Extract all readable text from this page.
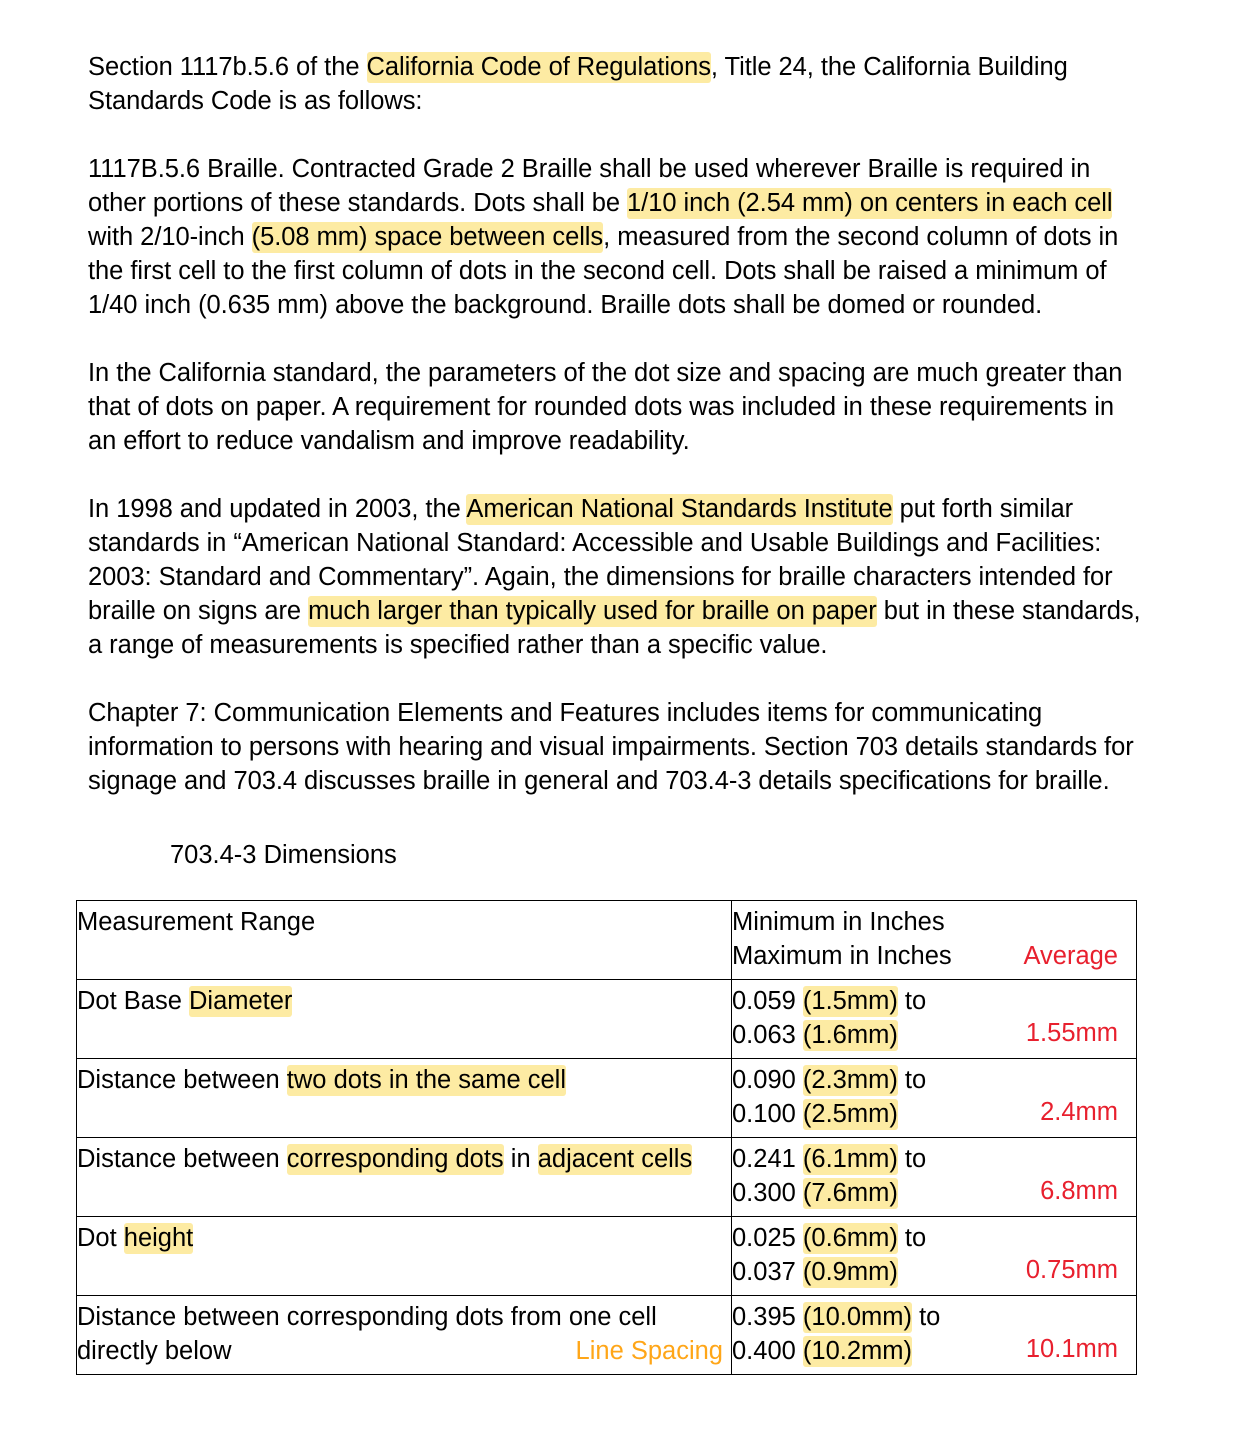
Section 1117b.5.6 of the California Code of Regulations, Title 24, the California Building Standards Code is as follows:

1117B.5.6 Braille. Contracted Grade 2 Braille shall be used wherever Braille is required in other portions of these standards. Dots shall be 1/10 inch (2.54 mm) on centers in each cell with 2/10-inch (5.08 mm) space between cells, measured from the second column of dots in the first cell to the first column of dots in the second cell. Dots shall be raised a minimum of 1/40 inch (0.635 mm) above the background. Braille dots shall be domed or rounded.

In the California standard, the parameters of the dot size and spacing are much greater than that of dots on paper. A requirement for rounded dots was included in these requirements in an effort to reduce vandalism and improve readability.

In 1998 and updated in 2003, the American National Standards Institute put forth similar standards in “American National Standard: Accessible and Usable Buildings and Facilities: 2003: Standard and Commentary”. Again, the dimensions for braille characters intended for braille on signs are much larger than typically used for braille on paper but in these standards, a range of measurements is specified rather than a specific value.

Chapter 7: Communication Elements and Features includes items for communicating information to persons with hearing and visual impairments. Section 703 details standards for signage and 703.4 discusses braille in general and 703.4-3 details specifications for braille.

703.4-3 Dimensions
Measurement Range	Minimum in Inches
Maximum in Inches Average

Dot Base Diameter	0.059 (1.5mm) to
0.063 (1.6mm) 1.55mm

Distance between two dots in the same cell	0.090 (2.3mm) to
0.100 (2.5mm) 2.4mm

Distance between corresponding dots in adjacent cells	0.241 (6.1mm) to
0.300 (7.6mm) 6.8mm

Dot height	0.025 (0.6mm) to
0.037 (0.9mm) 0.75mm

Distance between corresponding dots from one cell directly below Line Spacing	0.395 (10.0mm) to
0.400 (10.2mm) 10.1mm
